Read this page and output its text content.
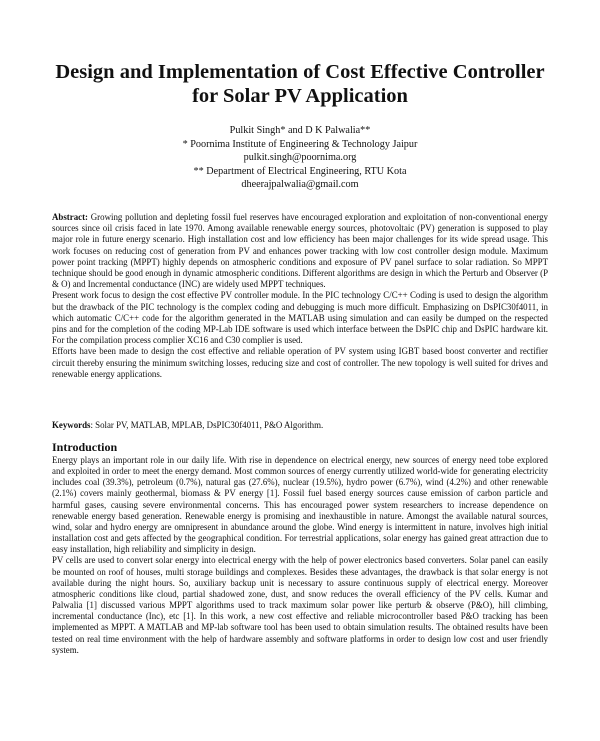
Design and Implementation of Cost Effective Controller for Solar PV Application
Pulkit Singh* and D K Palwalia**
* Poornima Institute of Engineering & Technology Jaipur
pulkit.singh@poornima.org
** Department of Electrical Engineering, RTU Kota
dheerajpalwalia@gmail.com

Abstract: Growing pollution and depleting fossil fuel reserves have encouraged exploration and exploitation of non-conventional energy sources since oil crisis faced in late 1970. Among available renewable energy sources, photovoltaic (PV) generation is supposed to play major role in future energy scenario. High installation cost and low efficiency has been major challenges for its wide spread usage. This work focuses on reducing cost of generation from PV and enhances power tracking with low cost controller design module. Maximum power point tracking (MPPT) highly depends on atmospheric conditions and exposure of PV panel surface to solar radiation. So MPPT technique should be good enough in dynamic atmospheric conditions. Different algorithms are design in which the Perturb and Observer (P & O) and Incremental conductance (INC) are widely used MPPT techniques.

Present work focus to design the cost effective PV controller module. In the PIC technology C/C++ Coding is used to design the algorithm but the drawback of the PIC technology is the complex coding and debugging is much more difficult. Emphasizing on DsPIC30f4011, in which automatic C/C++ code for the algorithm generated in the MATLAB using simulation and can easily be dumped on the respected pins and for the completion of the coding MP-Lab IDE software is used which interface between the DsPIC chip and DsPIC hardware kit. For the compilation process complier XC16 and C30 complier is used.

Efforts have been made to design the cost effective and reliable operation of PV system using IGBT based boost converter and rectifier circuit thereby ensuring the minimum switching losses, reducing size and cost of controller. The new topology is well suited for drives and renewable energy applications.

Keywords: Solar PV, MATLAB, MPLAB, DsPIC30f4011, P&O Algorithm.
Introduction

Energy plays an important role in our daily life. With rise in dependence on electrical energy, new sources of energy need tobe explored and exploited in order to meet the energy demand. Most common sources of energy currently utilized world-wide for generating electricity includes coal (39.3%), petroleum (0.7%), natural gas (27.6%), nuclear (19.5%), hydro power (6.7%), wind (4.2%) and other renewable (2.1%) covers mainly geothermal, biomass & PV energy [1]. Fossil fuel based energy sources cause emission of carbon particle and harmful gases, causing severe environmental concerns. This has encouraged power system researchers to increase dependence on renewable energy based generation. Renewable energy is promising and inexhaustible in nature. Amongst the available natural sources, wind, solar and hydro energy are omnipresent in abundance around the globe. Wind energy is intermittent in nature, involves high initial installation cost and gets affected by the geographical condition. For terrestrial applications, solar energy has gained great attraction due to easy installation, high reliability and simplicity in design.

PV cells are used to convert solar energy into electrical energy with the help of power electronics based converters. Solar panel can easily be mounted on roof of houses, multi storage buildings and complexes. Besides these advantages, the drawback is that solar energy is not available during the night hours. So, auxiliary backup unit is necessary to assure continuous supply of electrical energy. Moreover atmospheric conditions like cloud, partial shadowed zone, dust, and snow reduces the overall efficiency of the PV cells. Kumar and Palwalia [1] discussed various MPPT algorithms used to track maximum solar power like perturb & observe (P&O), hill climbing, incremental conductance (Inc), etc [1]. In this work, a new cost effective and reliable microcontroller based P&O tracking has been implemented as MPPT. A MATLAB and MP-lab software tool has been used to obtain simulation results. The obtained results have been tested on real time environment with the help of hardware assembly and software platforms in order to design low cost and user friendly system.
